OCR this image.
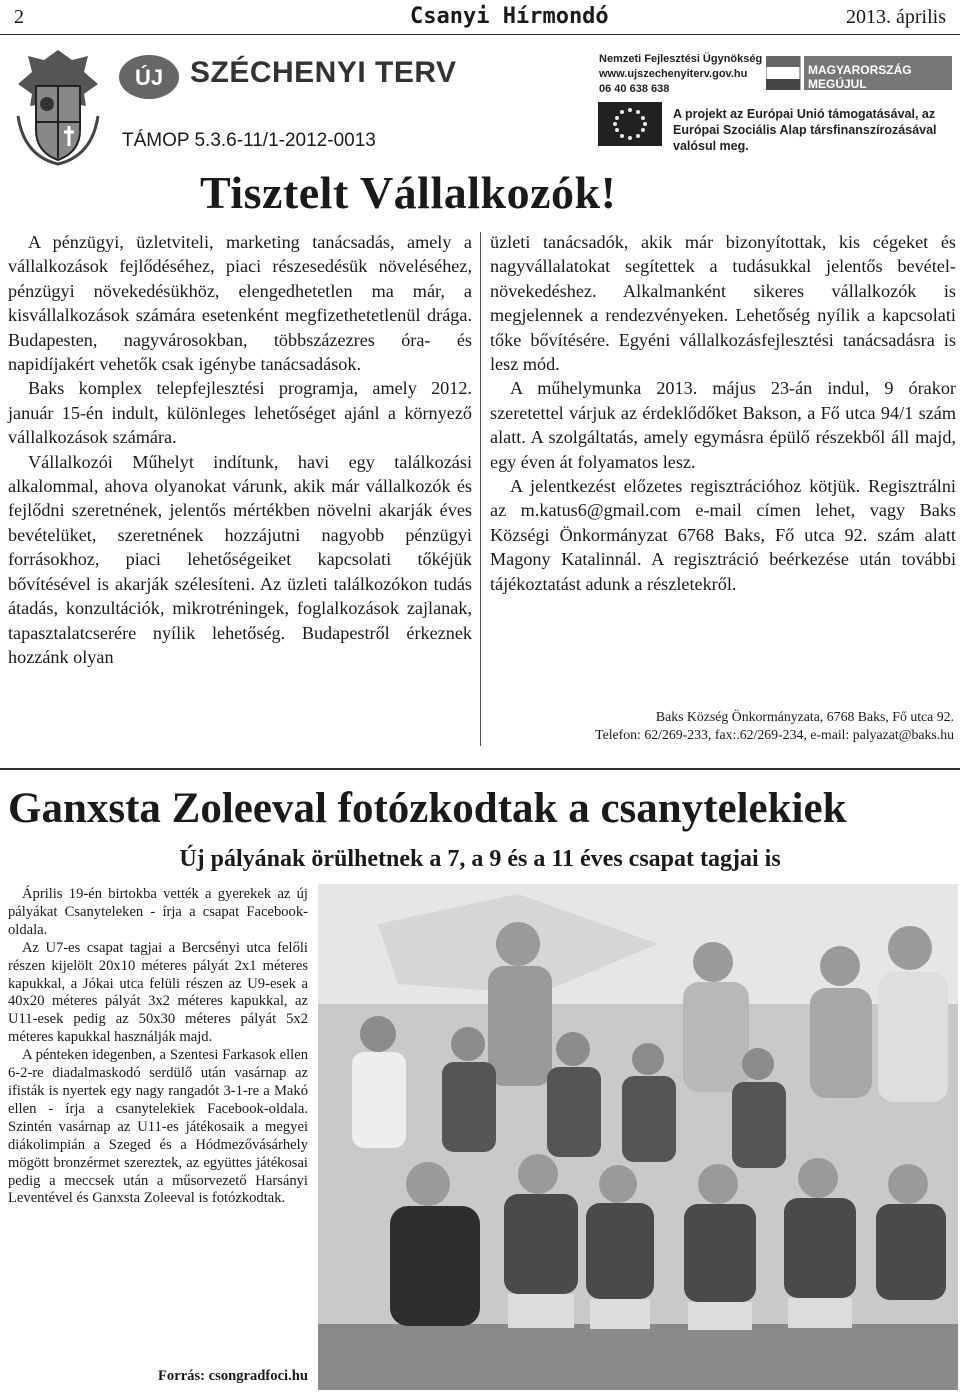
2	Csanyi Hírmondó	2013. április
ÚJ SZÉCHENYI TERV
TÁMOP 5.3.6-11/1-2012-0013
Nemzeti Fejlesztési Ügynökség
www.ujszechenyiterv.gov.hu
06 40 638 638
MAGYARORSZÁG MEGÚJUL
A projekt az Európai Unió támogatásával, az Európai Szociális Alap társfinanszírozásával valósul meg.
Tisztelt Vállalkozók!

A pénzügyi, üzletviteli, marketing tanácsadás, amely a vállalkozások fejlődéséhez, piaci részesedésük növeléséhez, pénzügyi növekedésükhöz, elengedhetetlen ma már, a kisvállalkozások számára esetenként megfizethetetlenül drága. Budapesten, nagyvárosokban, többszázezres óra- és napidíjakért vehetők csak igénybe tanácsadások.

Baks komplex telepfejlesztési programja, amely 2012. január 15-én indult, különleges lehetőséget ajánl a környező vállalkozások számára.

Vállalkozói Műhelyt indítunk, havi egy találkozási alkalommal, ahova olyanokat várunk, akik már vállalkozók és fejlődni szeretnének, jelentős mértékben növelni akarják éves bevételüket, szeretnének hozzájutni nagyobb pénzügyi forrásokhoz, piaci lehetőségeiket kapcsolati tőkéjük bővítésével is akarják szélesíteni. Az üzleti találkozókon tudás átadás, konzultációk, mikrotréningek, foglalkozások zajlanak, tapasztalatcserére nyílik lehetőség. Budapestről érkeznek hozzánk olyan

üzleti tanácsadók, akik már bizonyítottak, kis cégeket és nagyvállalatokat segítettek a tudásukkal jelentős bevétel-növekedéshez. Alkalmanként sikeres vállalkozók is megjelennek a rendezvényeken. Lehetőség nyílik a kapcsolati tőke bővítésére. Egyéni vállalkozásfejlesztési tanácsadásra is lesz mód.

A műhelymunka 2013. május 23-án indul, 9 órakor szeretettel várjuk az érdeklődőket Bakson, a Fő utca 94/1 szám alatt. A szolgáltatás, amely egymásra épülő részekből áll majd, egy éven át folyamatos lesz.

A jelentkezést előzetes regisztrációhoz kötjük. Regisztrálni az m.katus6@gmail.com e-mail címen lehet, vagy Baks Községi Önkormányzat 6768 Baks, Fő utca 92. szám alatt Magony Katalinnál. A regisztráció beérkezése után további tájékoztatást adunk a részletekről.

Baks Község Önkormányzata, 6768 Baks, Fő utca 92.
Telefon: 62/269-233, fax:.62/269-234, e-mail: palyazat@baks.hu
Ganxsta Zoleeval fotózkodtak a csanytelekiek
Új pályának örülhetnek a 7, a 9 és a 11 éves csapat tagjai is

Április 19-én birtokba vették a gyerekek az új pályákat Csanyteleken - írja a csapat Facebook-oldala.

Az U7-es csapat tagjai a Bercsényi utca felőli részen kijelölt 20x10 méteres pályát 2x1 méteres kapukkal, a Jókai utca felüli részen az U9-esek a 40x20 méteres pályát 3x2 méteres kapukkal, az U11-esek pedig az 50x30 méteres pályát 5x2 méteres kapukkal használják majd.

A pénteken idegenben, a Szentesi Farkasok ellen 6-2-re diadalmaskodó serdülő után vasárnap az ifisták is nyertek egy nagy rangadót 3-1-re a Makó ellen - írja a csanytelekiek Facebook-oldala. Szintén vasárnap az U11-es játékosaik a megyei diákolimpián a Szeged és a Hódmezővásárhely mögött bronzérmet szereztek, az együttes játékosai pedig a meccsek után a műsorvezető Harsányi Leventével és Ganxsta Zoleeval is fotózkodtak.

Forrás: csongradfoci.hu
